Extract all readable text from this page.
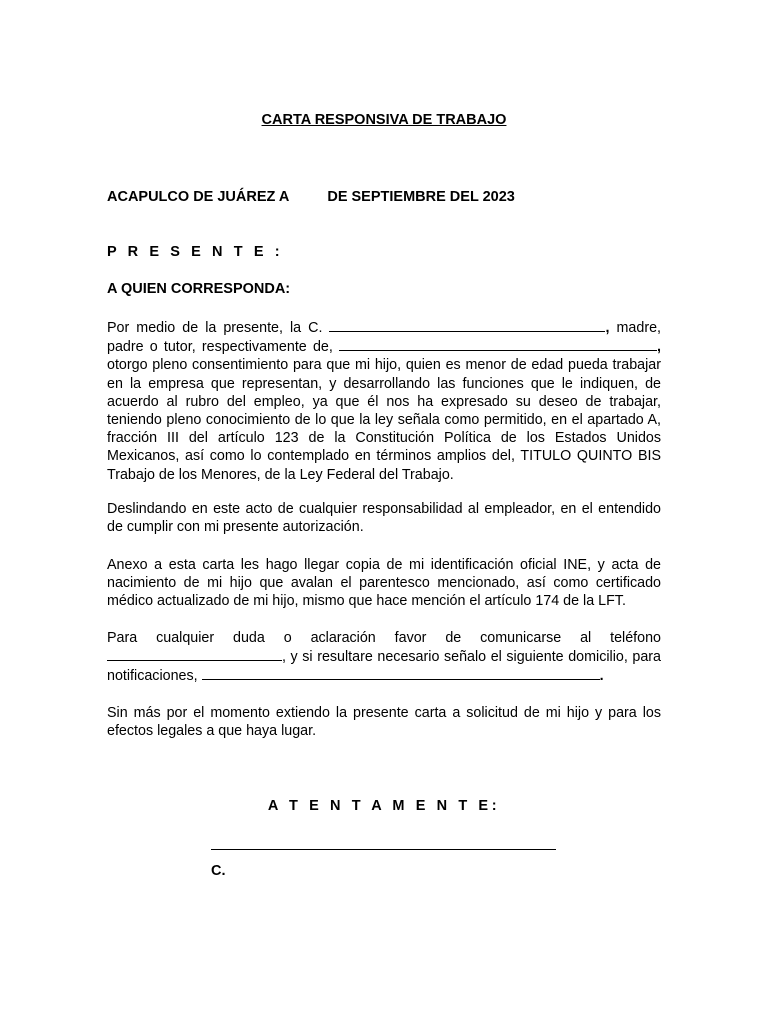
CARTA RESPONSIVA DE TRABAJO
ACAPULCO DE JUÁREZ A	DE SEPTIEMBRE DEL 2023
P R E S E N T E :
A QUIEN CORRESPONDA:

Por medio de la presente, la C.	, madre, padre o tutor, respectivamente de,	, otorgo pleno consentimiento para que mi hijo, quien es menor de edad pueda trabajar en la empresa que representan, y desarrollando las funciones que le indiquen, de acuerdo al rubro del empleo, ya que él nos ha expresado su deseo de trabajar, teniendo pleno conocimiento de lo que la ley señala como permitido, en el apartado A, fracción III del artículo 123 de la Constitución Política de los Estados Unidos Mexicanos, así como lo contemplado en términos amplios del, TITULO QUINTO BIS Trabajo de los Menores, de la Ley Federal del Trabajo.

Deslindando en este acto de cualquier responsabilidad al empleador, en el entendido de cumplir con mi presente autorización.

Anexo a esta carta les hago llegar copia de mi identificación oficial INE, y acta de nacimiento de mi hijo que avalan el parentesco mencionado, así como certificado médico actualizado de mi hijo, mismo que hace mención el artículo 174 de la LFT.

Para cualquier duda o aclaración favor de comunicarse al teléfono , y si resultare necesario señalo el siguiente domicilio, para notificaciones,	.

Sin más por el momento extiendo la presente carta a solicitud de mi hijo y para los efectos legales a que haya lugar.

A T E N T A M E N T E:
C.
